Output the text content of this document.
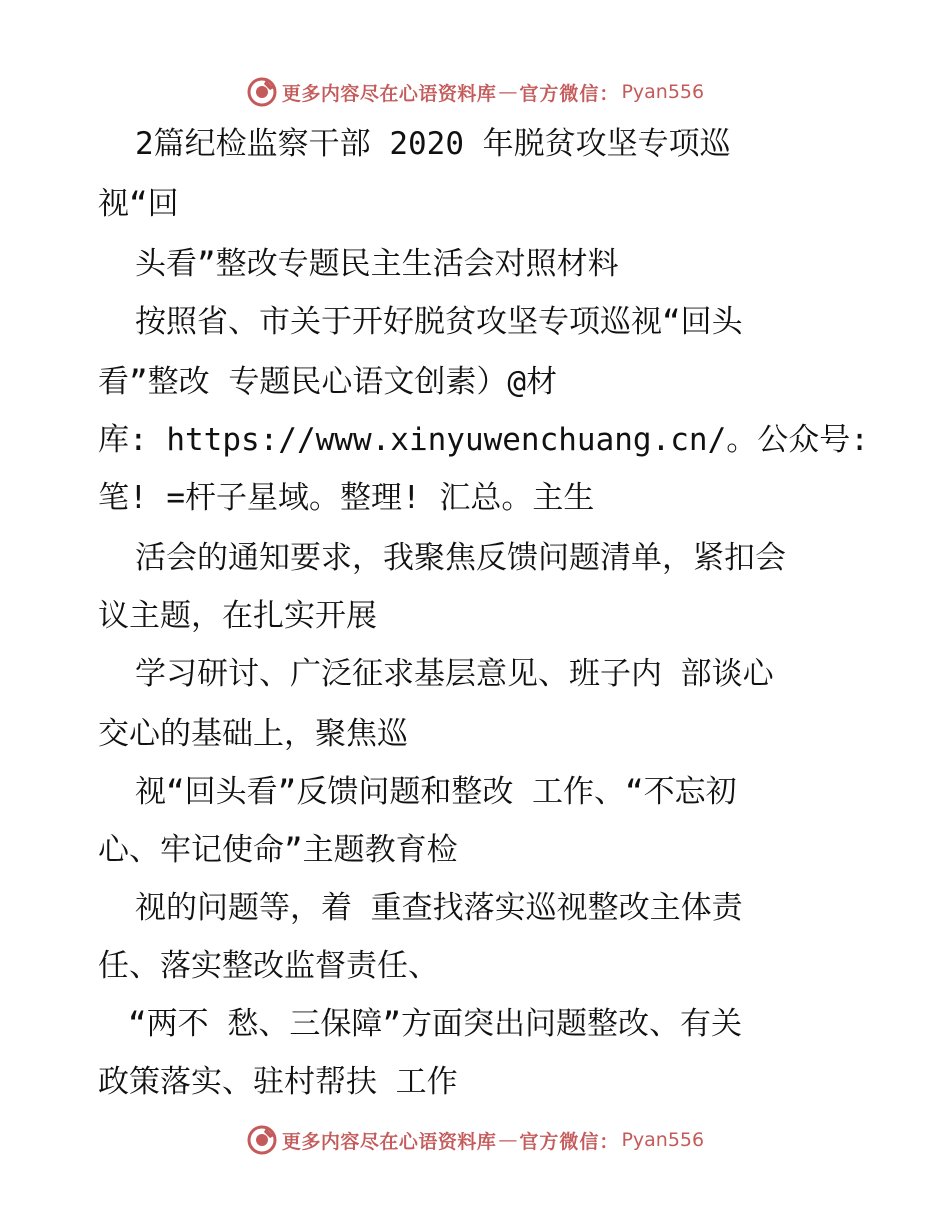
更多内容尽在心语资料库 — 官方微信： Pyan556
2篇纪检监察干部 2020 年脱贫攻坚专项巡
视“回
头看”整改专题民主生活会对照材料
按照省、市关于开好脱贫攻坚专项巡视“回头
看”整改 专题民心语文创素）@材
库: https://www.xinyuwenchuang.cn/。公众号:
笔! =杆子星域。整理! 汇总。主生
活会的通知要求，我聚焦反馈问题清单，紧扣会
议主题，在扎实开展
学习研讨、广泛征求基层意见、班子内 部谈心
交心的基础上，聚焦巡
视“回头看”反馈问题和整改 工作、“不忘初
心、牢记使命”主题教育检
视的问题等，着 重查找落实巡视整改主体责
任、落实整改监督责任、
“两不 愁、三保障”方面突出问题整改、有关
政策落实、驻村帮扶 工作
更多内容尽在心语资料库 — 官方微信： Pyan556
